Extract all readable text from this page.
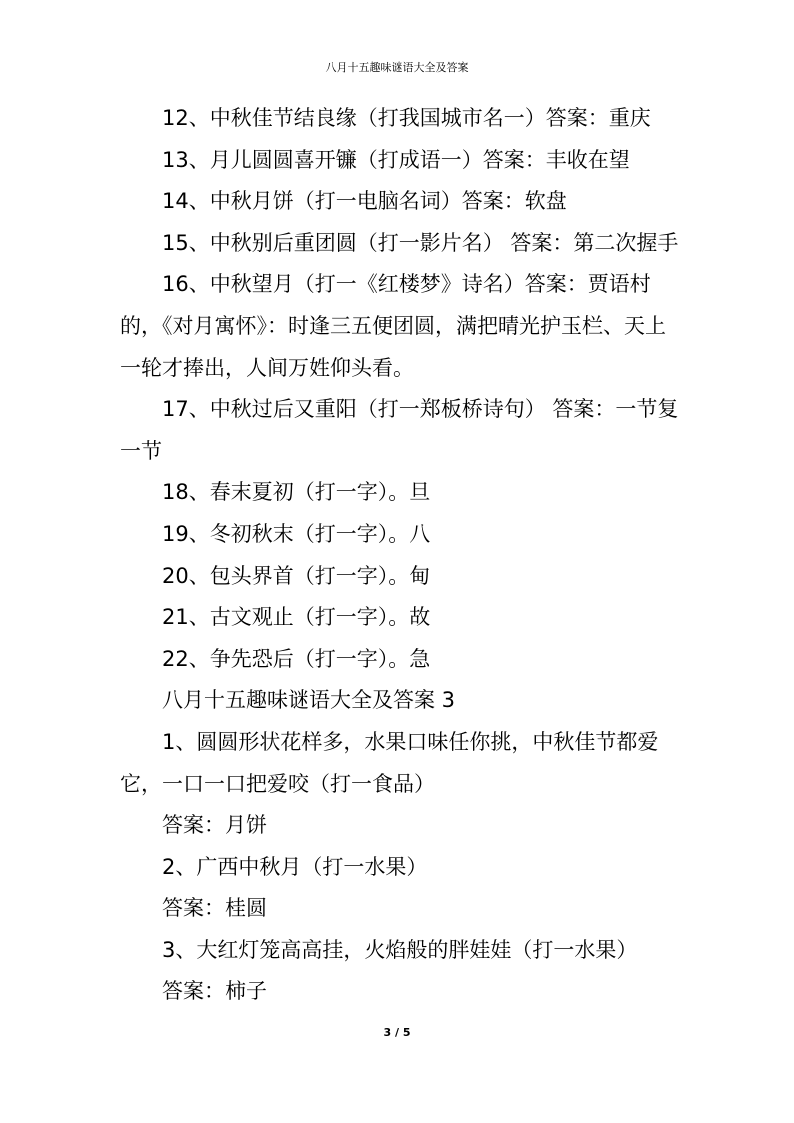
八月十五趣味谜语大全及答案

12、中秋佳节结良缘（打我国城市名一）答案：重庆

13、月儿圆圆喜开镰（打成语一）答案：丰收在望

14、中秋月饼（打一电脑名词）答案：软盘

15、中秋别后重团圆（打一影片名） 答案：第二次握手

16、中秋望月（打一《红楼梦》诗名）答案：贾语村的，《对月寓怀》：时逢三五便团圆，满把晴光护玉栏、天上一轮才捧出，人间万姓仰头看。

17、中秋过后又重阳（打一郑板桥诗句） 答案：一节复一节

18、春末夏初（打一字）。旦

19、冬初秋末（打一字）。八

20、包头界首（打一字）。甸

21、古文观止（打一字）。故

22、争先恐后（打一字）。急

八月十五趣味谜语大全及答案 3

1、圆圆形状花样多，水果口味任你挑，中秋佳节都爱它，一口一口把爱咬（打一食品）

答案：月饼

2、广西中秋月（打一水果）

答案：桂圆

3、大红灯笼高高挂，火焰般的胖娃娃（打一水果）

答案：柿子

3 / 5
